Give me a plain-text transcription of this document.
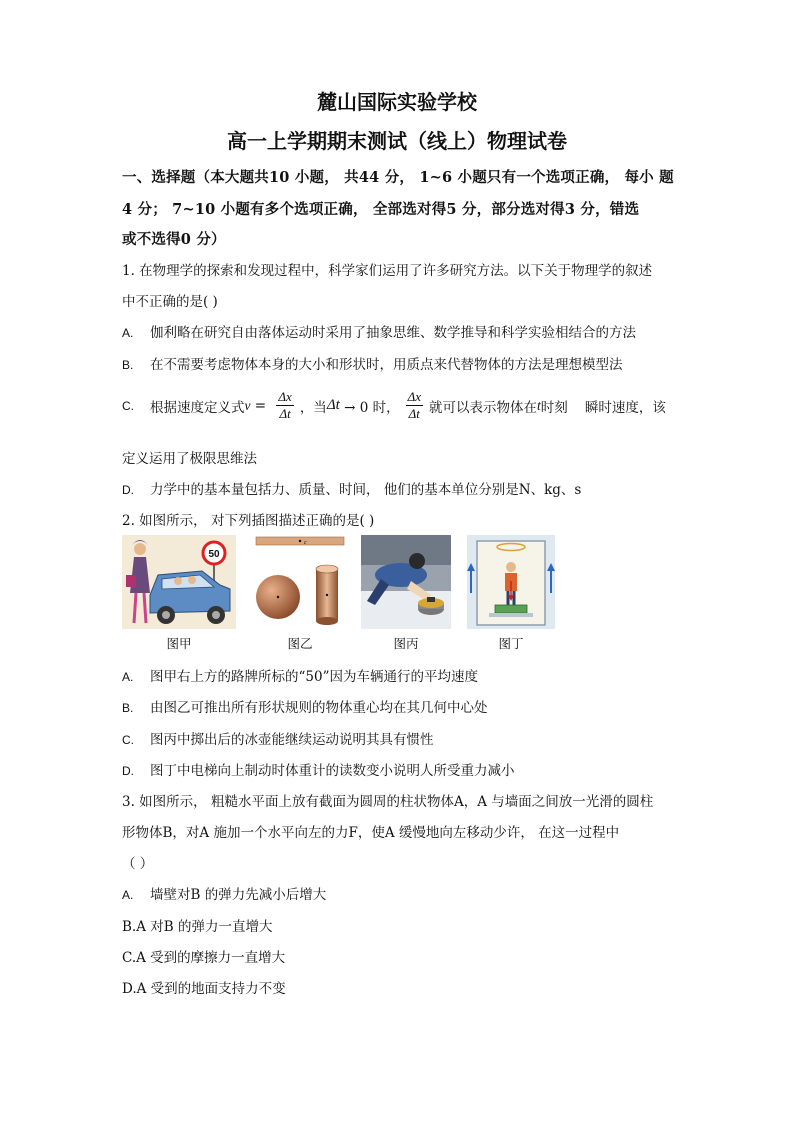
麓山国际实验学校
高一上学期期末测试（线上）物理试卷
一、选择题（本大题共10 小题， 共44 分， 1~6 小题只有一个选项正确， 每小 题
4 分； 7~10 小题有多个选项正确， 全部选对得5 分，部分选对得3 分，错选
或不选得0 分）
1. 在物理学的探索和发现过程中，科学家们运用了许多研究方法。以下关于物理学的叙述
中不正确的是( )
A. 伽利略在研究自由落体运动时采用了抽象思维、数学推导和科学实验相结合的方法
B. 在不需要考虑物体本身的大小和形状时，用质点来代替物体的方法是理想模型法
C.	根据速度定义式 $v = \frac{\Delta x}{\Delta t}$ ，当 Δt → 0 时， $\frac{\Delta x}{\Delta t}$ 就可以表示物体在 t 时刻    瞬时速度，该
定义运用了极限思维法
D. 力学中的基本量包括力、质量、时间， 他们的基本单位分别是N、kg、s
2. 如图所示， 对下列插图描述正确的是( )
50
图甲
c
图乙	图丙	图丁
A. 图甲右上方的路牌所标的“50”因为车辆通行的平均速度
B. 由图乙可推出所有形状规则的物体重心均在其几何中心处
C. 图丙中掷出后的冰壶能继续运动说明其具有惯性
D. 图丁中电梯向上制动时体重计的读数变小说明人所受重力减小
3. 如图所示， 粗糙水平面上放有截面为圆周的柱状物体A，A 与墙面之间放一光滑的圆柱
形物体B，对A 施加一个水平向左的力F，使A 缓慢地向左移动少许， 在这一过程中
（ ）
A. 墙壁对B 的弹力先减小后增大
B.A 对B 的弹力一直增大
C.A 受到的摩擦力一直增大
D.A 受到的地面支持力不变
